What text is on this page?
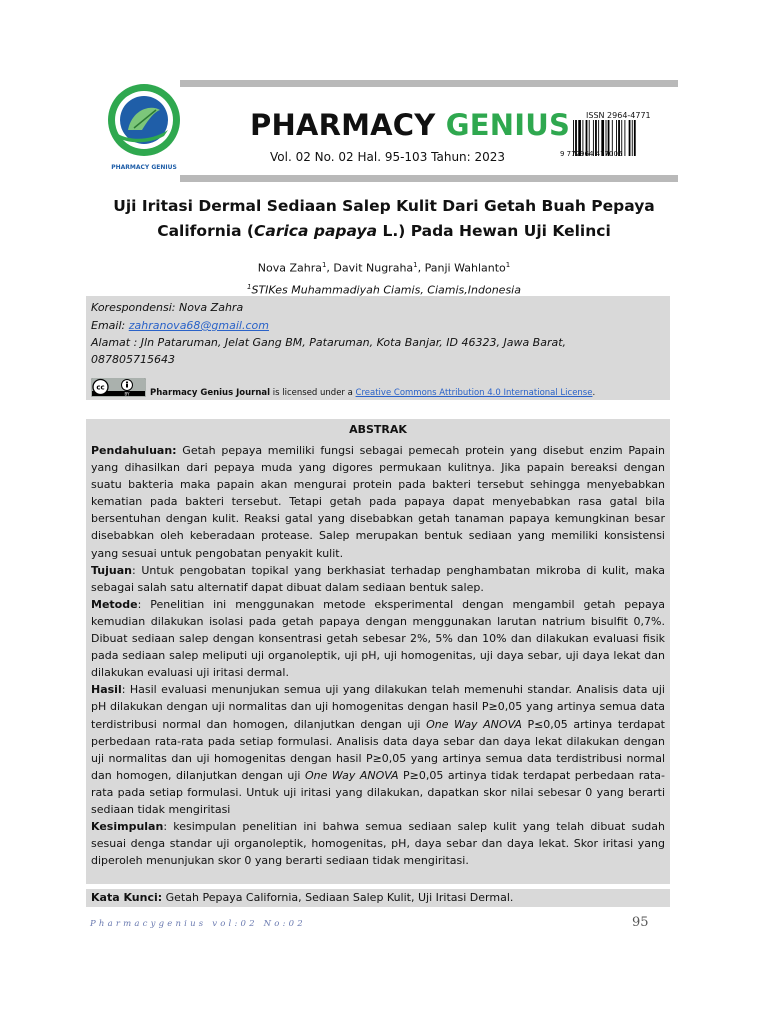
PHARMACY GENIUS
PHARMACY GENIUS
Vol. 02 No. 02 Hal. 95-103 Tahun: 2023
ISSN 2964-4771
9 772964 477006
Uji Iritasi Dermal Sediaan Salep Kulit Dari Getah Buah Pepaya
California (Carica papaya L.) Pada Hewan Uji Kelinci
Nova Zahra$^1$, Davit Nugraha$^1$, Panji Wahlanto$^1$
$^1$STIKes Muhammadiyah Ciamis, Ciamis,Indonesia
Korespondensi: Nova Zahra
Email: zahranova68@gmail.com
Alamat : Jln Pataruman, Jelat Gang BM, Pataruman, Kota Banjar, ID 46323, Jawa Barat,
087805715643
cc
BY Pharmacy Genius Journal is licensed under a Creative Commons Attribution 4.0 International License.
ABSTRAK

Pendahuluan: Getah pepaya memiliki fungsi sebagai pemecah protein yang disebut enzim Papain yang dihasilkan dari pepaya muda yang digores permukaan kulitnya. Jika papain bereaksi dengan suatu bakteria maka papain akan mengurai protein pada bakteri tersebut sehingga menyebabkan kematian pada bakteri tersebut. Tetapi getah pada papaya dapat menyebabkan rasa gatal bila bersentuhan dengan kulit. Reaksi gatal yang disebabkan getah tanaman papaya kemungkinan besar disebabkan oleh keberadaan protease. Salep merupakan bentuk sediaan yang memiliki konsistensi yang sesuai untuk pengobatan penyakit kulit.

Tujuan: Untuk pengobatan topikal yang berkhasiat terhadap penghambatan mikroba di kulit, maka sebagai salah satu alternatif dapat dibuat dalam sediaan bentuk salep.

Metode: Penelitian ini menggunakan metode eksperimental dengan mengambil getah pepaya kemudian dilakukan isolasi pada getah papaya dengan menggunakan larutan natrium bisulfit 0,7%. Dibuat sediaan salep dengan konsentrasi getah sebesar 2%, 5% dan 10% dan dilakukan evaluasi fisik pada sediaan salep meliputi uji organoleptik, uji pH, uji homogenitas, uji daya sebar, uji daya lekat dan dilakukan evaluasi uji iritasi dermal.

Hasil: Hasil evaluasi menunjukan semua uji yang dilakukan telah memenuhi standar. Analisis data uji pH dilakukan dengan uji normalitas dan uji homogenitas dengan hasil P≥0,05 yang artinya semua data terdistribusi normal dan homogen, dilanjutkan dengan uji One Way ANOVA P≤0,05 artinya terdapat perbedaan rata-rata pada setiap formulasi. Analisis data daya sebar dan daya lekat dilakukan dengan uji normalitas dan uji homogenitas dengan hasil P≥0,05 yang artinya semua data terdistribusi normal dan homogen, dilanjutkan dengan uji One Way ANOVA P≥0,05 artinya tidak terdapat perbedaan rata-rata pada setiap formulasi. Untuk uji iritasi yang dilakukan, dapatkan skor nilai sebesar 0 yang berarti sediaan tidak mengiritasi

Kesimpulan: kesimpulan penelitian ini bahwa semua sediaan salep kulit yang telah dibuat sudah sesuai denga standar uji organoleptik, homogenitas, pH, daya sebar dan daya lekat. Skor iritasi yang diperoleh menunjukan skor 0 yang berarti sediaan tidak mengiritasi.

Kata Kunci: Getah Pepaya California, Sediaan Salep Kulit, Uji Iritasi Dermal.
Pharmacygenius vol:02 No:02	95
